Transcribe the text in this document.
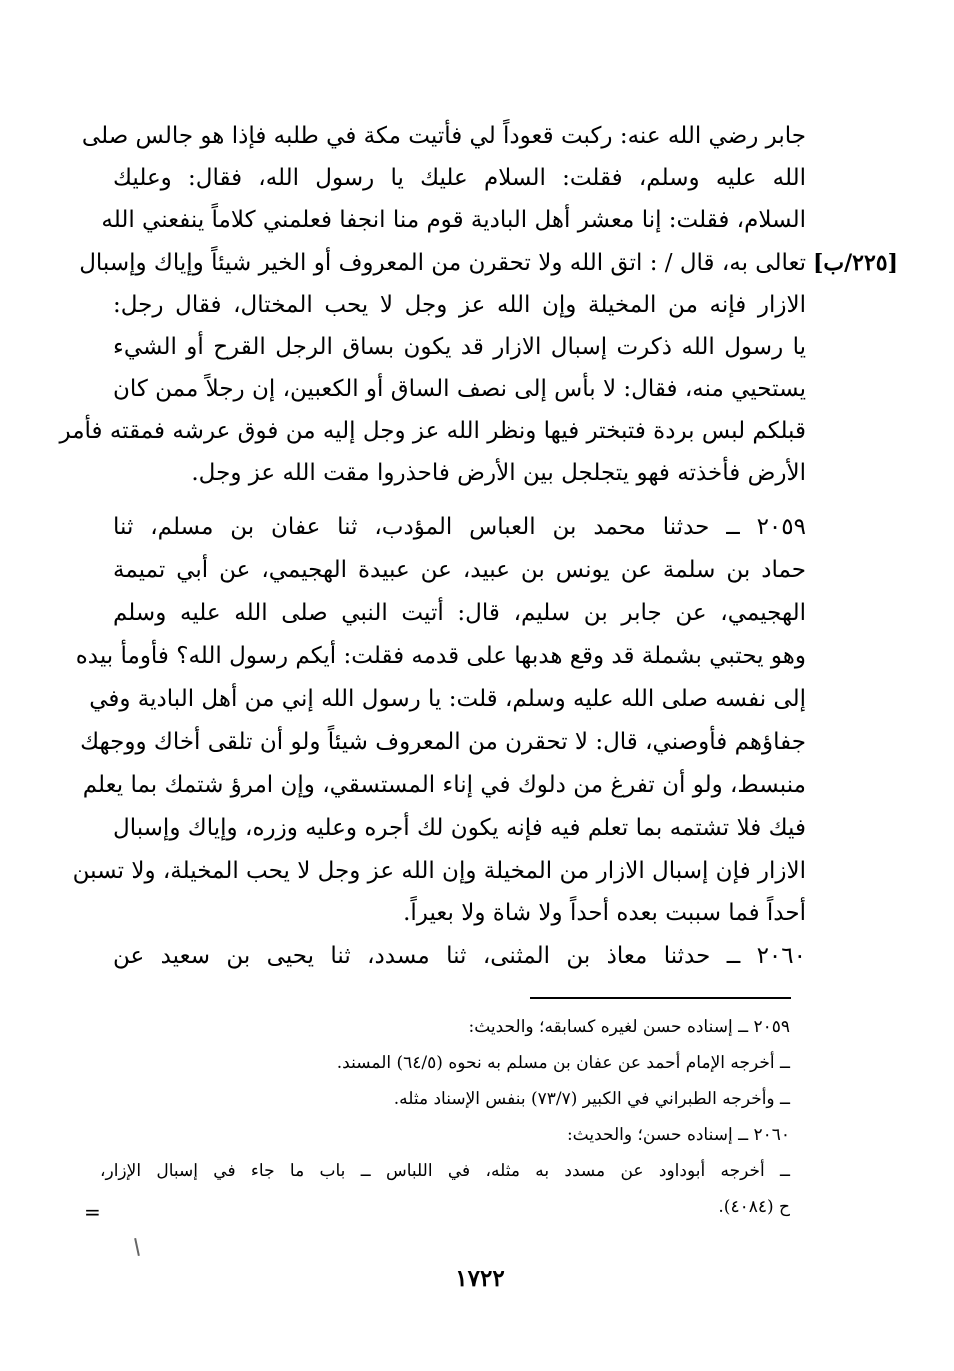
[٢٢٥/ب]

جابر رضي الله عنه: ركبت قعوداً لي فأتيت مكة في طلبه فإذا هو جالس صلى

الله عليه وسلم، فقلت: السلام عليك يا رسول الله، فقال: وعليك

السلام، فقلت: إنا معشر أهل البادية قوم منا انجفا فعلمني كلاماً ينفعني الله

تعالى به، قال / : اتق الله ولا تحقرن من المعروف أو الخير شيئاً وإياك وإسبال

الازار فإنه من المخيلة وإن الله عز وجل لا يحب المختال، فقال رجل:

يا رسول الله ذكرت إسبال الازار قد يكون بساق الرجل القرح أو الشيء

يستحيي منه، فقال: لا بأس إلى نصف الساق أو الكعبين، إن رجلاً ممن كان

قبلكم لبس بردة فتبختر فيها ونظر الله عز وجل إليه من فوق عرشه فمقته فأمر

الأرض فأخذته فهو يتجلجل بين الأرض فاحذروا مقت الله عز وجل.

٢٠٥٩ ــ حدثنا محمد بن العباس المؤدب، ثنا عفان بن مسلم، ثنا

حماد بن سلمة عن يونس بن عبيد، عن عبيدة الهجيمي، عن أبي تميمة

الهجيمي، عن جابر بن سليم، قال: أتيت النبي صلى الله عليه وسلم

وهو يحتبي بشملة قد وقع هدبها على قدمه فقلت: أيكم رسول الله؟ فأومأ بيده

إلى نفسه صلى الله عليه وسلم، قلت: يا رسول الله إني من أهل البادية وفي

جفاؤهم فأوصني، قال: لا تحقرن من المعروف شيئاً ولو أن تلقى أخاك ووجهك

منبسط، ولو أن تفرغ من دلوك في إناء المستسقي، وإن امرؤ شتمك بما يعلم

فيك فلا تشتمه بما تعلم فيه فإنه يكون لك أجره وعليه وزره، وإياك وإسبال

الازار فإن إسبال الازار من المخيلة وإن الله عز وجل لا يحب المخيلة، ولا تسبن

أحداً فما سببت بعده أحداً ولا شاة ولا بعيراً.

٢٠٦٠ ــ حدثنا معاذ بن المثنى، ثنا مسدد، ثنا يحيى بن سعيد عن

٢٠٥٩ ــ إسناده حسن لغيره كسابقه؛ والحديث:

ــ أخرجه الإمام أحمد عن عفان بن مسلم به نحوه (٦٤/٥) المسند.

ــ وأخرجه الطبراني في الكبير (٧٣/٧) بنفس الإسناد مثله.

٢٠٦٠ ــ إسناده حسن؛ والحديث:

ــ أخرجه أبوداود عن مسدد به مثله، في اللباس ــ باب ما جاء في إسبال الإزار،

ح (٤٠٨٤).

=
١٧٢٢
